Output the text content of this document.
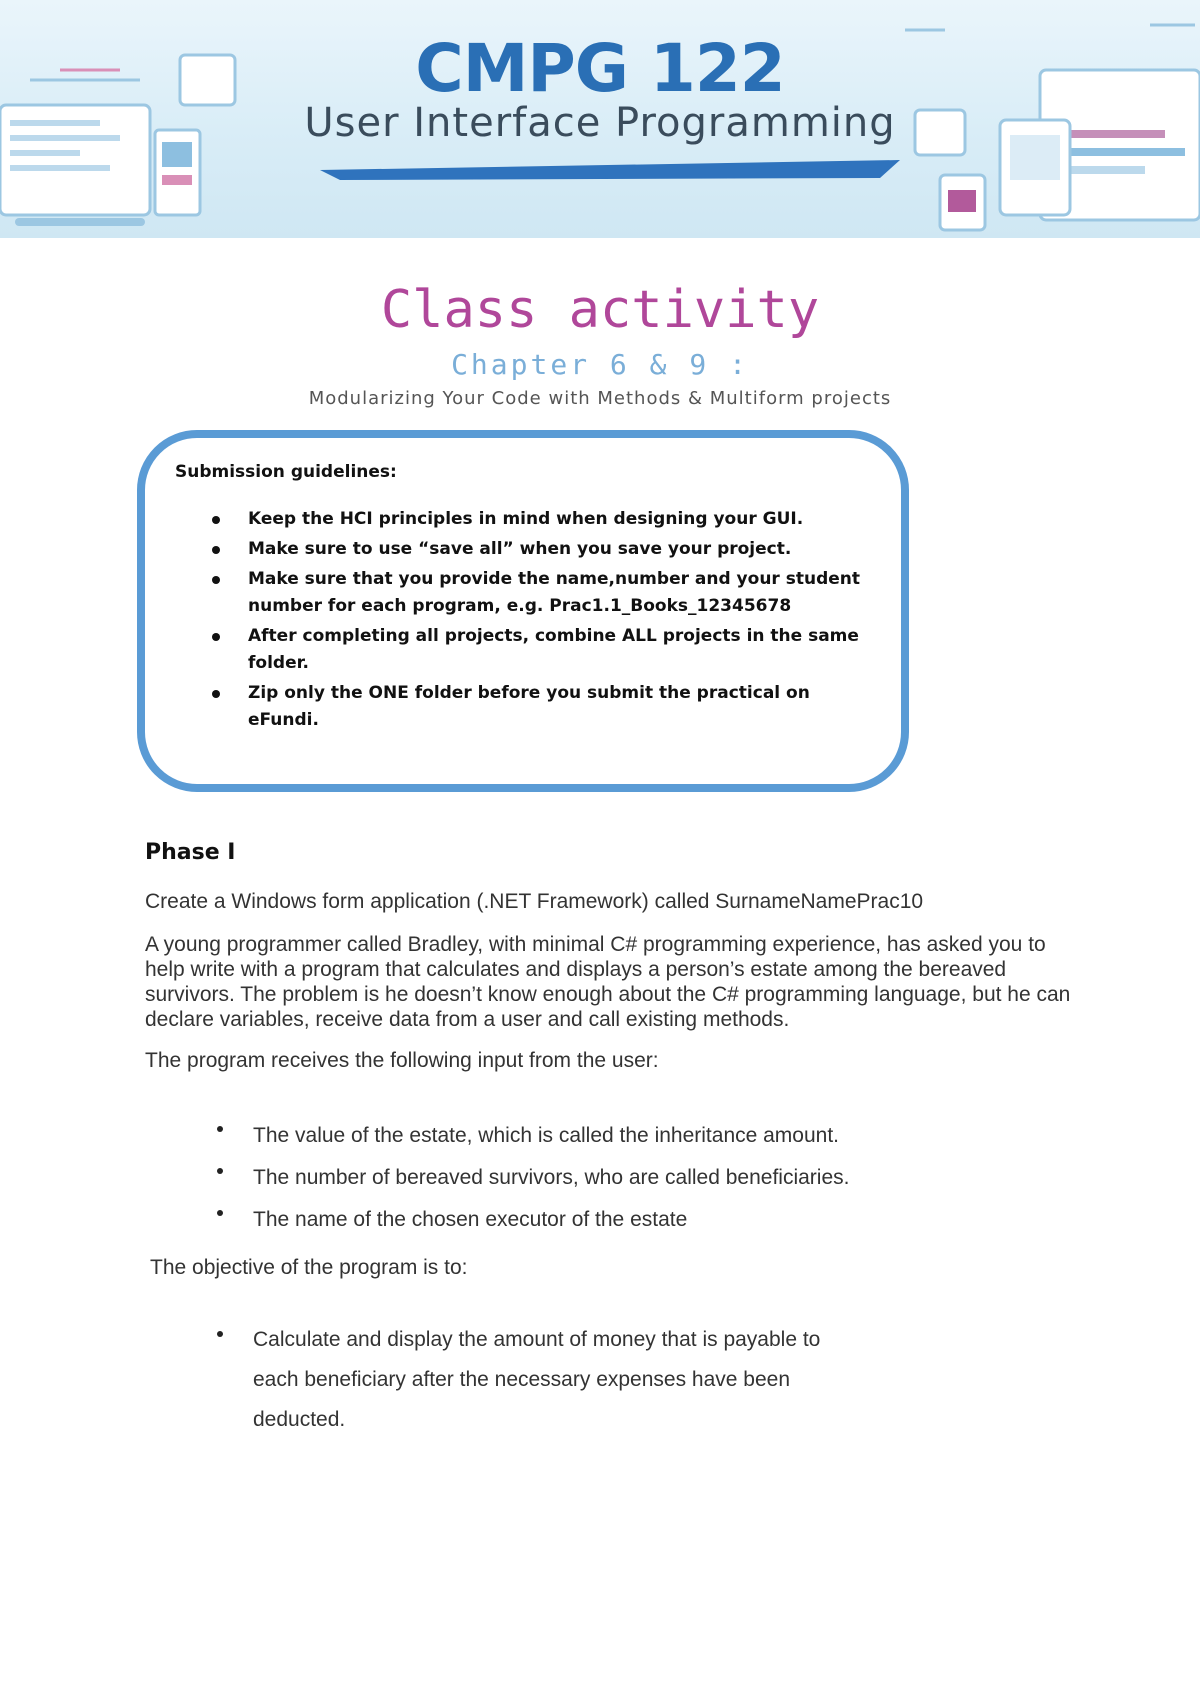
CMPG 122
User Interface Programming
Class activity
Chapter 6 & 9 :
Modularizing Your Code with Methods & Multiform projects
Submission guidelines:
Keep the HCI principles in mind when designing your GUI.
Make sure to use “save all” when you save your project.
Make sure that you provide the name,number and your student number for each program, e.g. Prac1.1_Books_12345678
After completing all projects, combine ALL projects in the same folder.
Zip only the ONE folder before you submit the practical on eFundi.
Phase I
Create a Windows form application (.NET Framework) called SurnameNamePrac10
A young programmer called Bradley, with minimal C# programming experience, has asked you to help write with a program that calculates and displays a person’s estate among the bereaved survivors. The problem is he doesn’t know enough about the C# programming language, but he can declare variables, receive data from a user and call existing methods.
The program receives the following input from the user:
The value of the estate, which is called the inheritance amount.
The number of bereaved survivors, who are called beneficiaries.
The name of the chosen executor of the estate
The objective of the program is to:
Calculate and display the amount of money that is payable to each beneficiary after the necessary expenses have been deducted.
